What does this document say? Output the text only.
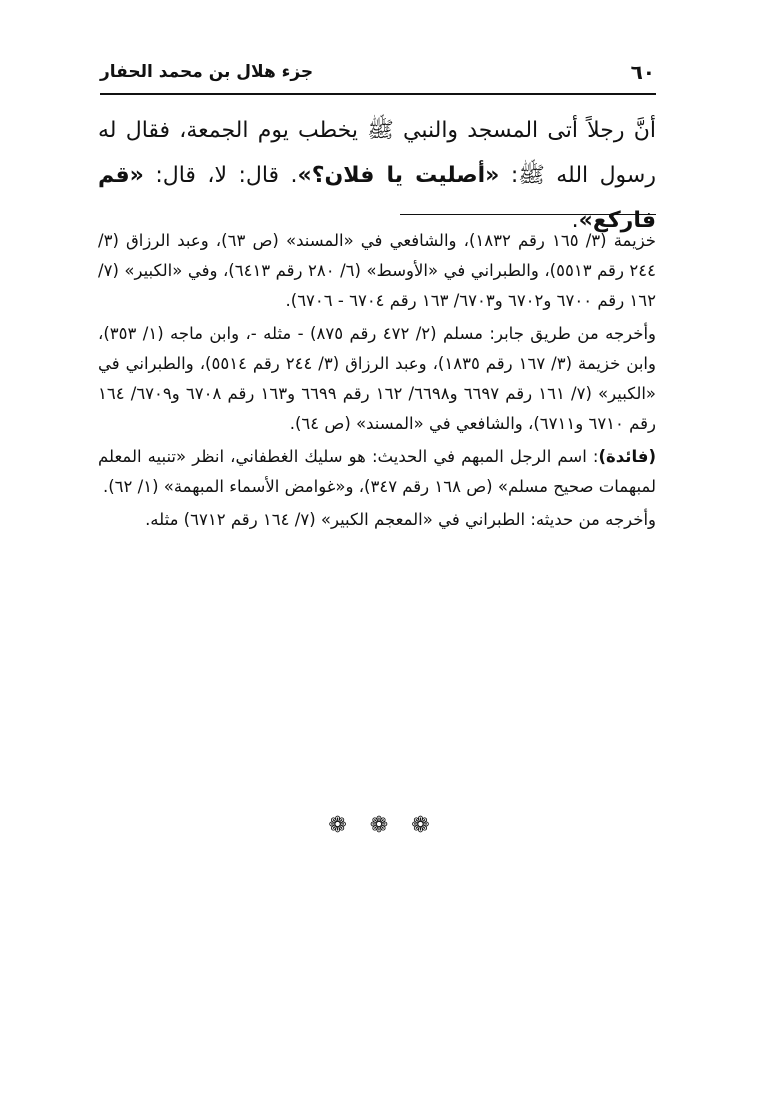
٦٠
جزء هلال بن محمد الحفار
أنَّ رجلاً أتى المسجد والنبي ﷺ يخطب يوم الجمعة، فقال له رسول الله ﷺ: «أصليت يا فلان؟». قال: لا، قال: «قم فاركع».

خزيمة (٣/ ١٦٥ رقم ١٨٣٢)، والشافعي في «المسند» (ص ٦٣)، وعبد الرزاق (٣/ ٢٤٤ رقم ٥٥١٣)، والطبراني في «الأوسط» (٦/ ٢٨٠ رقم ٦٤١٣)، وفي «الكبير» (٧/ ١٦٢ رقم ٦٧٠٠ و٦٧٠٢ و٦٧٠٣/ ١٦٣ رقم ٦٧٠٤ - ٦٧٠٦).

وأخرجه من طريق جابر: مسلم (٢/ ٤٧٢ رقم ٨٧٥) - مثله -، وابن ماجه (١/ ٣٥٣)، وابن خزيمة (٣/ ١٦٧ رقم ١٨٣٥)، وعبد الرزاق (٣/ ٢٤٤ رقم ٥٥١٤)، والطبراني في «الكبير» (٧/ ١٦١ رقم ٦٦٩٧ و٦٦٩٨/ ١٦٢ رقم ٦٦٩٩ و١٦٣ رقم ٦٧٠٨ و٦٧٠٩/ ١٦٤ رقم ٦٧١٠ و٦٧١١)، والشافعي في «المسند» (ص ٦٤).

(فائدة): اسم الرجل المبهم في الحديث: هو سليك الغطفاني، انظر «تنبيه المعلم لمبهمات صحيح مسلم» (ص ١٦٨ رقم ٣٤٧)، و«غوامض الأسماء المبهمة» (١/ ٦٢).

وأخرجه من حديثه: الطبراني في «المعجم الكبير» (٧/ ١٦٤ رقم ٦٧١٢) مثله.

❁ ❁ ❁
